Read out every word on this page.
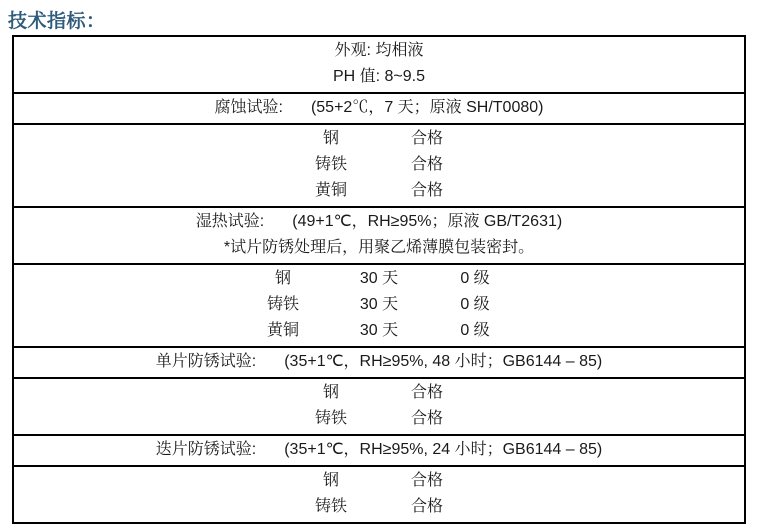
技术指标：
外观: 均相液
PH 值: 8~9.5
腐蚀试验: (55+2℃，7 天；原液 SH/T0080)
钢	合格
铸铁	合格
黄铜	合格
湿热试验: (49+1℃，RH≥95%；原液 GB/T2631)
*试片防锈处理后，用聚乙烯薄膜包装密封。
钢	30 天	0 级
铸铁	30 天	0 级
黄铜	30 天	0 级
单片防锈试验: (35+1℃，RH≥95%, 48 小时；GB6144 – 85)
钢	合格
铸铁	合格
迭片防锈试验: (35+1℃，RH≥95%, 24 小时；GB6144 – 85)
钢	合格
铸铁	合格
